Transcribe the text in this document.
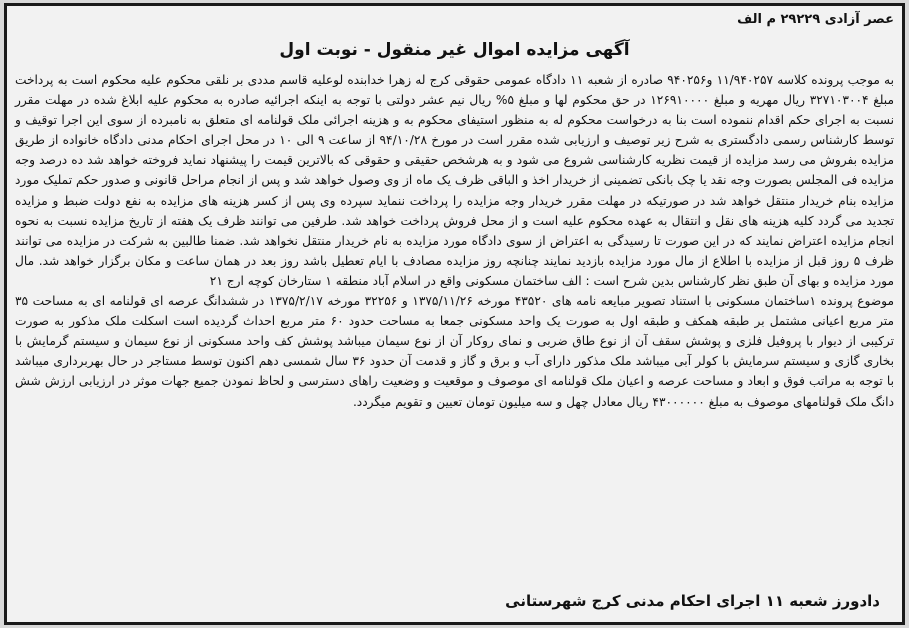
عصر آزادی ۲۹۲۲۹ م الف
آگهی مزایده اموال غیر منقول - نوبت اول

به موجب پرونده کلاسه ۱۱/۹۴۰۲۵۷ و۹۴۰۲۵۶ صادره از شعبه ۱۱ دادگاه عمومی حقوقی کرج له زهرا خدابنده لوعلیه قاسم مددی بر نلقی محکوم علیه محکوم است به پرداخت مبلغ ۳۲۷۱۰۳۰۰۴ ریال مهریه و مبلغ ۱۲۶۹۱۰۰۰۰ در حق محکوم لها و مبلغ ۵% ریال نیم عشر دولتی با توجه به اینکه اجرائیه صادره به محکوم علیه ابلاغ شده در مهلت مقرر نسبت به اجرای حکم اقدام ننموده است بنا به درخواست محکوم له به منظور استیفای محکوم به و هزینه اجرائی ملک قولنامه ای متعلق به نامبرده از سوی این اجرا توقیف و توسط کارشناس رسمی دادگستری به شرح زیر توصیف و ارزیابی شده مقرر است در مورخ ۹۴/۱۰/۲۸ از ساعت ۹ الی ۱۰ در محل اجرای احکام مدنی دادگاه خانواده از طریق مزایده بفروش می رسد مزایده از قیمت نظریه کارشناسی شروع می شود و به هرشخص حقیقی و حقوقی که بالاترین قیمت را پیشنهاد نماید فروخته خواهد شد ده درصد وجه مزایده فی المجلس بصورت وجه نقد یا چک بانکی تضمینی از خریدار اخذ و الباقی ظرف یک ماه از وی وصول خواهد شد و پس از انجام مراحل قانونی و صدور حکم تملیک مورد مزایده بنام خریدار منتقل خواهد شد در صورتیکه در مهلت مقرر خریدار وجه مزایده را پرداخت ننماید سپرده وی پس از کسر هزینه های مزایده به نفع دولت ضبط و مزایده تجدید می گردد کلیه هزینه های نقل و انتقال به عهده محکوم علیه است و از محل فروش پرداخت خواهد شد. طرفین می توانند ظرف یک هفته از تاریخ مزایده نسبت به نحوه انجام مزایده اعتراض نمایند که در این صورت تا رسیدگی به اعتراض از سوی دادگاه مورد مزایده به نام خریدار منتقل نخواهد شد. ضمنا طالبین به شرکت در مزایده می توانند ظرف ۵ روز قبل از مزایده با اطلاع از مال مورد مزایده بازدید نمایند چنانچه روز مزایده مصادف با ایام تعطیل باشد روز بعد در همان ساعت و مکان برگزار خواهد شد. مال مورد مزایده و بهای آن طبق نظر کارشناس بدین شرح است : الف ساختمان مسکونی واقع در اسلام آباد منطقه ۱ ستارخان کوچه ارج ۲۱

موضوع پرونده ۱ساختمان مسکونی با استناد تصویر مبایعه نامه های ۴۳۵۲۰ مورخه ۱۳۷۵/۱۱/۲۶ و ۳۲۲۵۶ مورخه ۱۳۷۵/۲/۱۷ در ششدانگ عرصه ای قولنامه ای به مساحت ۳۵ متر مربع اعیانی مشتمل بر طبقه همکف و طبقه اول به صورت یک واحد مسکونی جمعا به مساحت حدود ۶۰ متر مربع احداث گردیده است اسکلت ملک مذکور به صورت ترکیبی از دیوار با پروفیل فلزی و پوشش سقف آن از نوع طاق ضربی و نمای روکار آن از نوع سیمان میباشد پوشش کف واحد مسکونی از نوع سیمان و سیستم گرمایش با بخاری گازی و سیستم سرمایش با کولر آبی میباشد ملک مذکور دارای آب و برق و گاز و قدمت آن حدود ۳۶ سال شمسی دهم اکنون توسط مستاجر در حال بهربرداری میباشد با توجه به مراتب فوق و ابعاد و مساحت عرصه و اعیان ملک قولنامه ای موصوف و موقعیت و وضعیت راهای دسترسی و لحاظ نمودن جمیع جهات موثر در ارزیابی ارزش شش دانگ ملک قولنامهای موصوف به مبلغ ۴۳۰۰۰۰۰۰ ریال معادل چهل و سه میلیون تومان تعیین و تقویم میگردد.

دادورز شعبه ۱۱ اجرای احکام مدنی کرج شهرستانی
